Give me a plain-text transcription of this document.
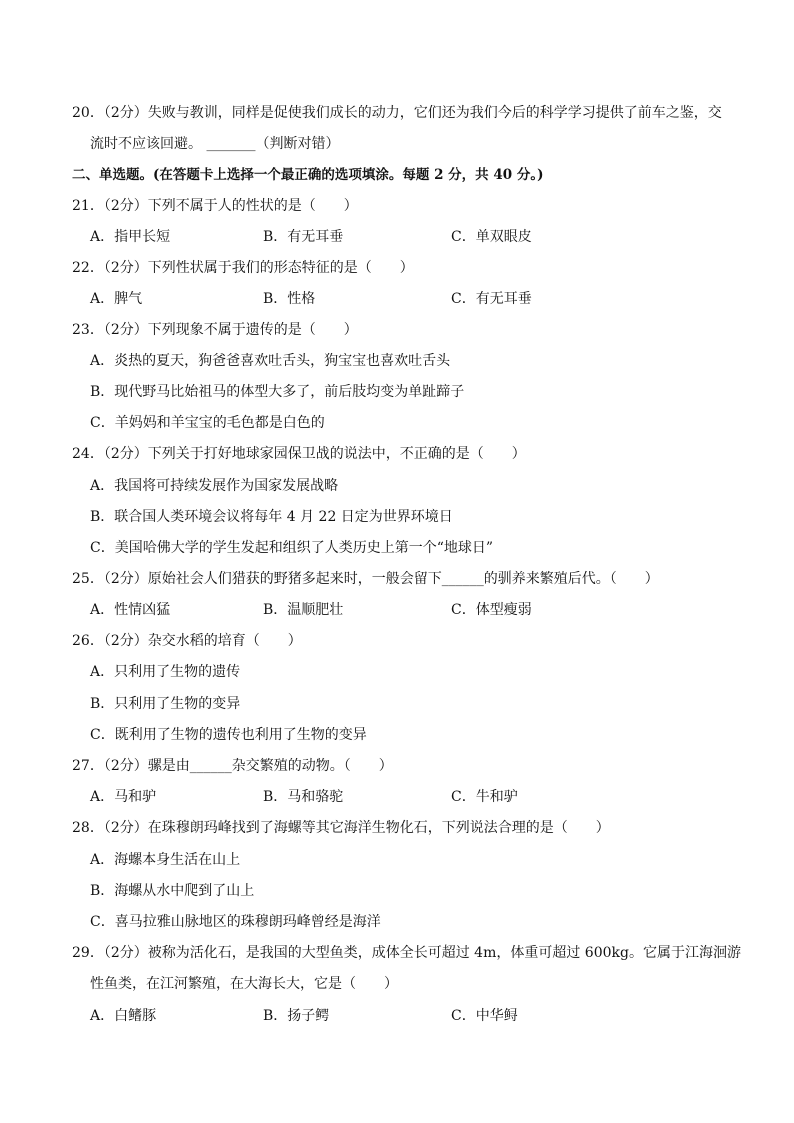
20．（2分）失败与教训，同样是促使我们成长的动力，它们还为我们今后的科学学习提供了前车之鉴，交
流时不应该回避。 _______（判断对错）
二、单选题。(在答题卡上选择一个最正确的选项填涂。每题 2 分，共 40 分。)
21．（2分）下列不属于人的性状的是（　　）
A．指甲长短	B．有无耳垂	C．单双眼皮
22．（2分）下列性状属于我们的形态特征的是（　　）
A．脾气	B．性格	C．有无耳垂
23．（2分）下列现象不属于遗传的是（　　）
A．炎热的夏天，狗爸爸喜欢吐舌头，狗宝宝也喜欢吐舌头
B．现代野马比始祖马的体型大多了，前后肢均变为单趾蹄子
C．羊妈妈和羊宝宝的毛色都是白色的
24．（2分）下列关于打好地球家园保卫战的说法中，不正确的是（　　）
A．我国将可持续发展作为国家发展战略
B．联合国人类环境会议将每年 4 月 22 日定为世界环境日
C．美国哈佛大学的学生发起和组织了人类历史上第一个“地球日”
25．（2分）原始社会人们猎获的野猪多起来时，一般会留下______的驯养来繁殖后代。（　　）
A．性情凶猛	B．温顺肥壮	C．体型瘦弱
26．（2分）杂交水稻的培育（　　）
A．只利用了生物的遗传
B．只利用了生物的变异
C．既利用了生物的遗传也利用了生物的变异
27．（2分）骡是由______杂交繁殖的动物。（　　）
A．马和驴	B．马和骆驼	C．牛和驴
28．（2分）在珠穆朗玛峰找到了海螺等其它海洋生物化石，下列说法合理的是（　　）
A．海螺本身生活在山上
B．海螺从水中爬到了山上
C．喜马拉雅山脉地区的珠穆朗玛峰曾经是海洋
29．（2分）被称为活化石，是我国的大型鱼类，成体全长可超过 4m，体重可超过 600kg。它属于江海洄游
性鱼类，在江河繁殖，在大海长大，它是（　　）
A．白鳍豚	B．扬子鳄	C．中华鲟
